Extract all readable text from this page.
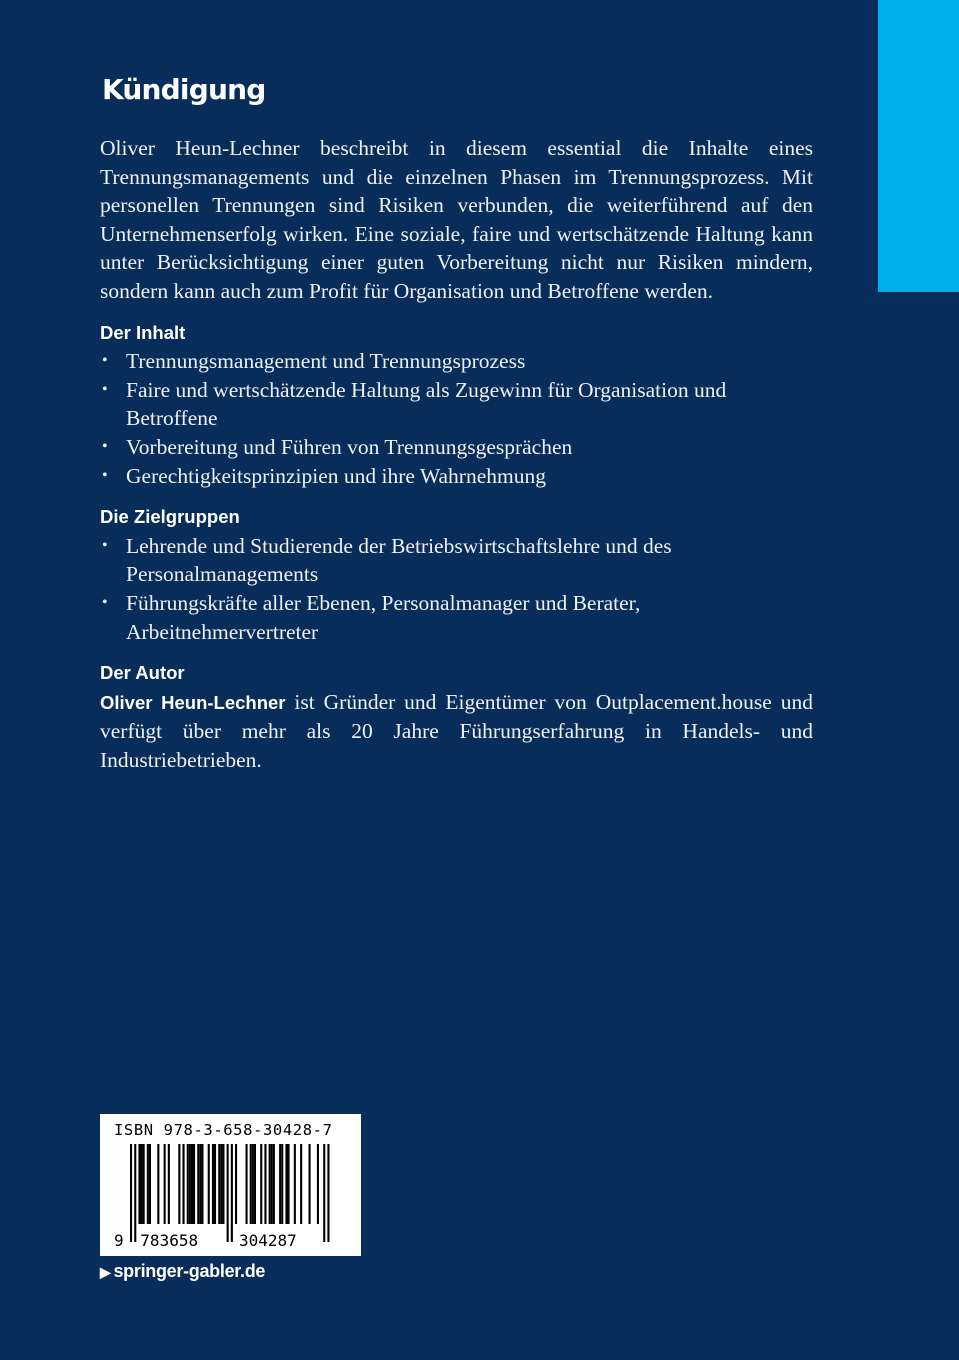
Kündigung

Oliver Heun-Lechner beschreibt in diesem essential die Inhalte eines Trennungsmanagements und die einzelnen Phasen im Trennungsprozess. Mit personellen Trennungen sind Risiken verbunden, die weiterführend auf den Unternehmenserfolg wirken. Eine soziale, faire und wertschätzende Haltung kann unter Berücksichtigung einer guten Vorbereitung nicht nur Risiken mindern, sondern kann auch zum Profit für Organisation und Betroffene werden.

Der Inhalt
• Trennungsmanagement und Trennungsprozess
• Faire und wertschätzende Haltung als Zugewinn für Organisation und Betroffene
• Vorbereitung und Führen von Trennungsgesprächen
• Gerechtigkeitsprinzipien und ihre Wahrnehmung
Die Zielgruppen
• Lehrende und Studierende der Betriebswirtschaftslehre und des Personalmanagements
• Führungskräfte aller Ebenen, Personalmanager und Berater, Arbeitnehmervertreter
Der Autor

Oliver Heun-Lechner ist Gründer und Eigentümer von Outplacement.house und verfügt über mehr als 20 Jahre Führungserfahrung in Handels- und Industriebetrieben.

ISBN 978-3-658-30428-7
9 783658	304287
▶ springer-gabler.de
